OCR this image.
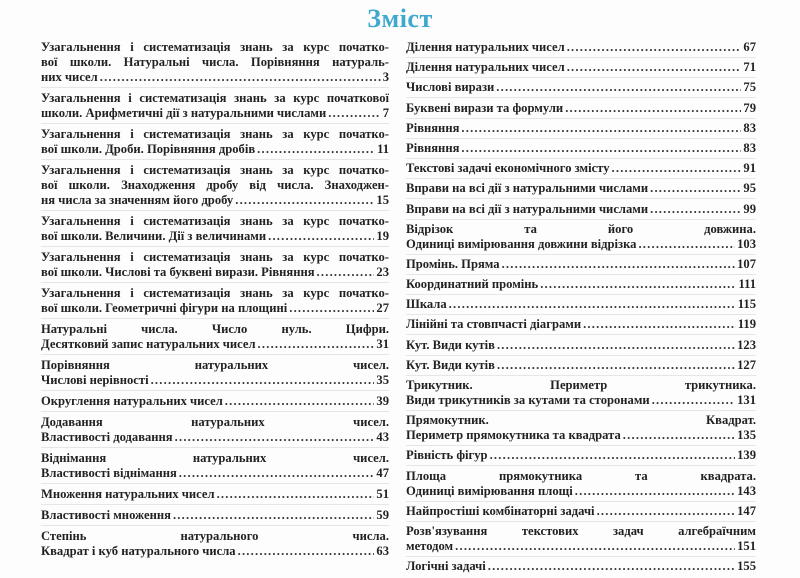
Зміст
Узагальнення і систематизація знань за курс початко-
вої школи. Натуральні числа. Порівняння натураль-
них чисел .....	3
Узагальнення і систематизація знань за курс початкової
школи. Арифметичні дії з натуральними числами .....	7
Узагальнення і систематизація знань за курс початко-
вої школи. Дроби. Порівняння дробів .....	11
Узагальнення і систематизація знань за курс початко-
вої школи. Знаходження дробу від числа. Знаходжен-
ня числа за значенням його дробу .....	15
Узагальнення і систематизація знань за курс початко-
вої школи. Величини. Дії з величинами .....	19
Узагальнення і систематизація знань за курс початко-
вої школи. Числові та буквені вирази. Рівняння .....	23
Узагальнення і систематизація знань за курс початко-
вої школи. Геометричні фігури на площині .....	27
Натуральні числа. Число нуль. Цифри.
Десятковий запис натуральних чисел .....	31
Порівняння натуральних чисел.
Числові нерівності .....	35
Округлення натуральних чисел .....	39
Додавання натуральних чисел.
Властивості додавання .....	43
Віднімання натуральних чисел.
Властивості віднімання .....	47
Множення натуральних чисел .....	51
Властивості множення .....	59
Степінь натурального числа.
Квадрат і куб натурального числа .....	63
Ділення натуральних чисел .....	67
Ділення натуральних чисел .....	71
Числові вирази .....	75
Буквені вирази та формули .....	79
Рівняння .....	83
Рівняння .....	83
Текстові задачі економічного змісту .....	91
Вправи на всі дії з натуральними числами .....	95
Вправи на всі дії з натуральними числами .....	99
Відрізок та його довжина.
Одиниці вимірювання довжини відрізка .....	103
Промінь. Пряма .....	107
Координатний промінь .....	111
Шкала .....	115
Лінійні та стовпчасті діаграми .....	119
Кут. Види кутів .....	123
Кут. Види кутів .....	127
Трикутник. Периметр трикутника.
Види трикутників за кутами та сторонами .....	131
Прямокутник. Квадрат.
Периметр прямокутника та квадрата .....	135
Рівність фігур .....	139
Площа прямокутника та квадрата.
Одиниці вимірювання площі .....	143
Найпростіші комбінаторні задачі .....	147
Розв'язування текстових задач алгебраїчним
методом .....	151
Логічні задачі .....	155
